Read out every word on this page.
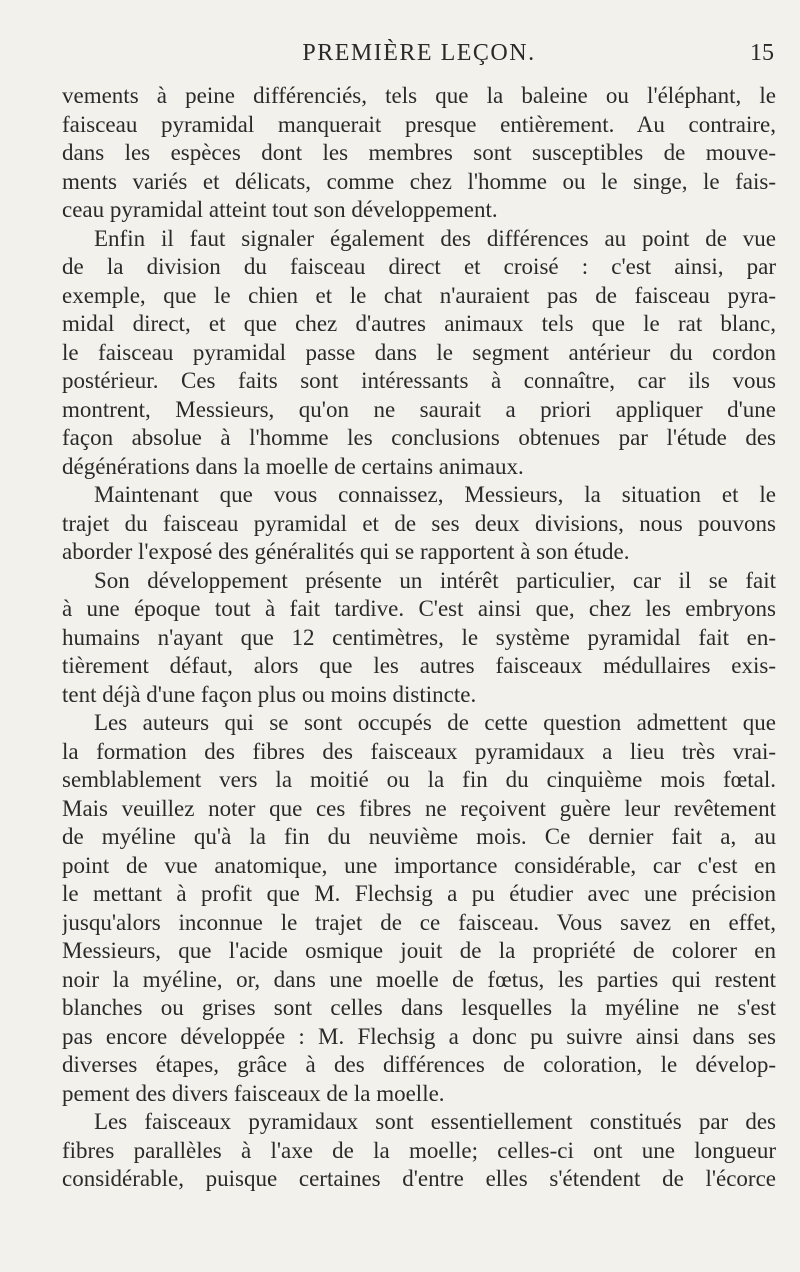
PREMIÈRE LEÇON.	15
vements à peine différenciés, tels que la baleine ou l'éléphant, le
faisceau pyramidal manquerait presque entièrement. Au contraire,
dans les espèces dont les membres sont susceptibles de mouve-
ments variés et délicats, comme chez l'homme ou le singe, le fais-
ceau pyramidal atteint tout son développement.
Enfin il faut signaler également des différences au point de vue
de la division du faisceau direct et croisé : c'est ainsi, par
exemple, que le chien et le chat n'auraient pas de faisceau pyra-
midal direct, et que chez d'autres animaux tels que le rat blanc,
le faisceau pyramidal passe dans le segment antérieur du cordon
postérieur. Ces faits sont intéressants à connaître, car ils vous
montrent, Messieurs, qu'on ne saurait a priori appliquer d'une
façon absolue à l'homme les conclusions obtenues par l'étude des
dégénérations dans la moelle de certains animaux.
Maintenant que vous connaissez, Messieurs, la situation et le
trajet du faisceau pyramidal et de ses deux divisions, nous pouvons
aborder l'exposé des généralités qui se rapportent à son étude.
Son développement présente un intérêt particulier, car il se fait
à une époque tout à fait tardive. C'est ainsi que, chez les embryons
humains n'ayant que 12 centimètres, le système pyramidal fait en-
tièrement défaut, alors que les autres faisceaux médullaires exis-
tent déjà d'une façon plus ou moins distincte.
Les auteurs qui se sont occupés de cette question admettent que
la formation des fibres des faisceaux pyramidaux a lieu très vrai-
semblablement vers la moitié ou la fin du cinquième mois fœtal.
Mais veuillez noter que ces fibres ne reçoivent guère leur revêtement
de myéline qu'à la fin du neuvième mois. Ce dernier fait a, au
point de vue anatomique, une importance considérable, car c'est en
le mettant à profit que M. Flechsig a pu étudier avec une précision
jusqu'alors inconnue le trajet de ce faisceau. Vous savez en effet,
Messieurs, que l'acide osmique jouit de la propriété de colorer en
noir la myéline, or, dans une moelle de fœtus, les parties qui restent
blanches ou grises sont celles dans lesquelles la myéline ne s'est
pas encore développée : M. Flechsig a donc pu suivre ainsi dans ses
diverses étapes, grâce à des différences de coloration, le dévelop-
pement des divers faisceaux de la moelle.
Les faisceaux pyramidaux sont essentiellement constitués par des
fibres parallèles à l'axe de la moelle; celles-ci ont une longueur
considérable, puisque certaines d'entre elles s'étendent de l'écorce
